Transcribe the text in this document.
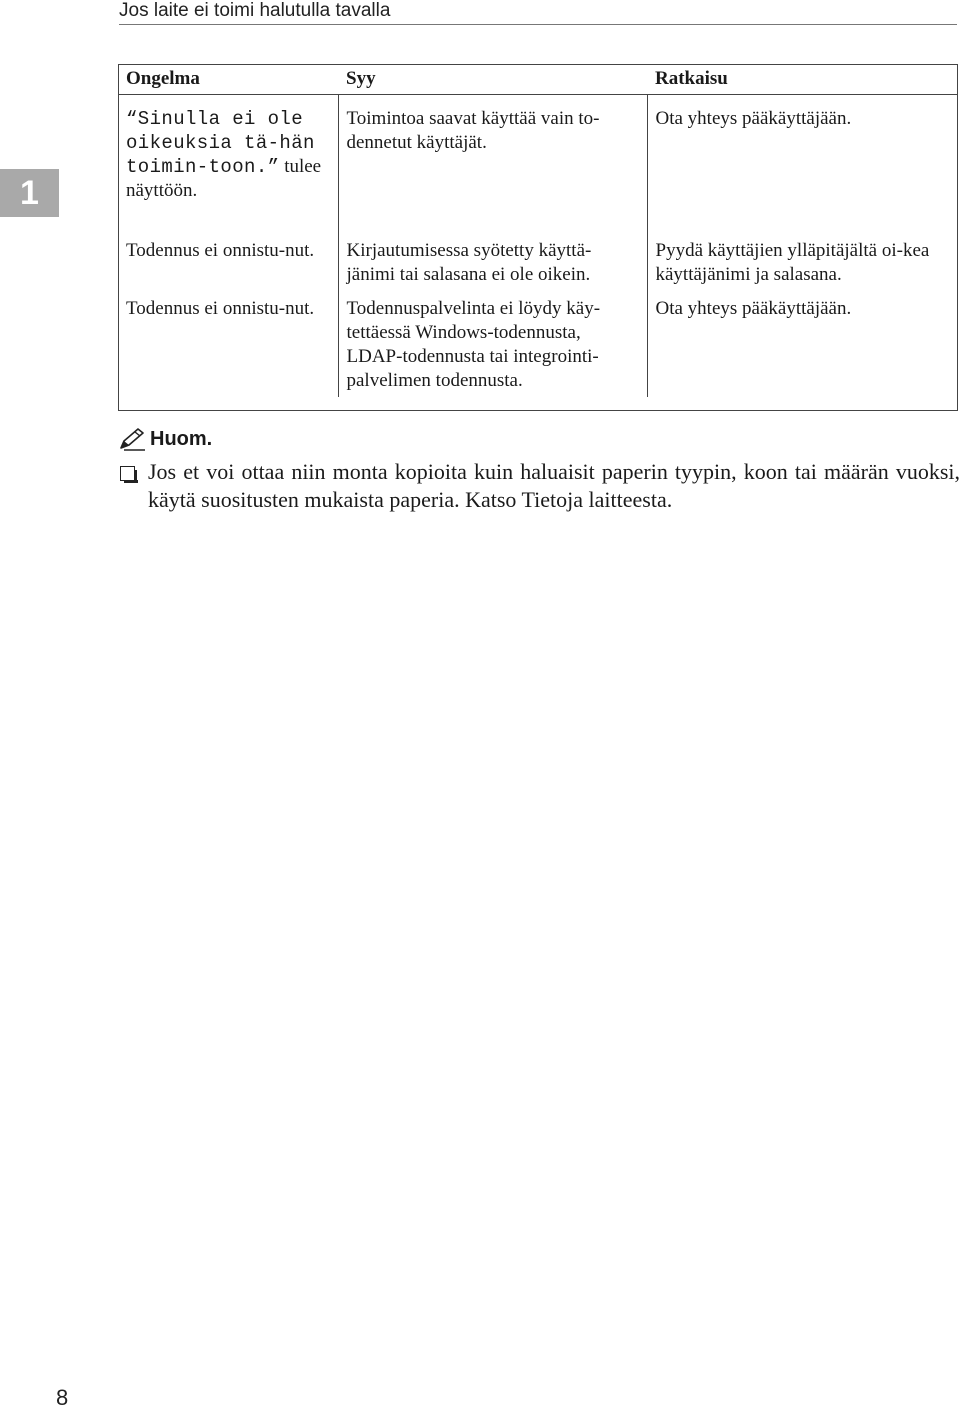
Jos laite ei toimi halutulla tavalla
1
Ongelma	Syy	Ratkaisu
“Sinulla ei ole oikeuksia tä-hän toimin-toon.” tulee näyttöön.	Toimintoa saavat käyttää vain to-dennetut käyttäjät.	Ota yhteys pääkäyttäjään.
Todennus ei onnistu-nut.	Kirjautumisessa syötetty käyttä-jänimi tai salasana ei ole oikein.	Pyydä käyttäjien ylläpitäjältä oi-kea käyttäjänimi ja salasana.
Todennus ei onnistu-nut.	Todennuspalvelinta ei löydy käy-tettäessä Windows-todennusta, LDAP-todennusta tai integrointi-palvelimen todennusta.	Ota yhteys pääkäyttäjään.
Huom.
Jos et voi ottaa niin monta kopioita kuin haluaisit paperin tyypin, koon tai määrän vuoksi, käytä suositusten mukaista paperia. Katso Tietoja laitteesta.
8
